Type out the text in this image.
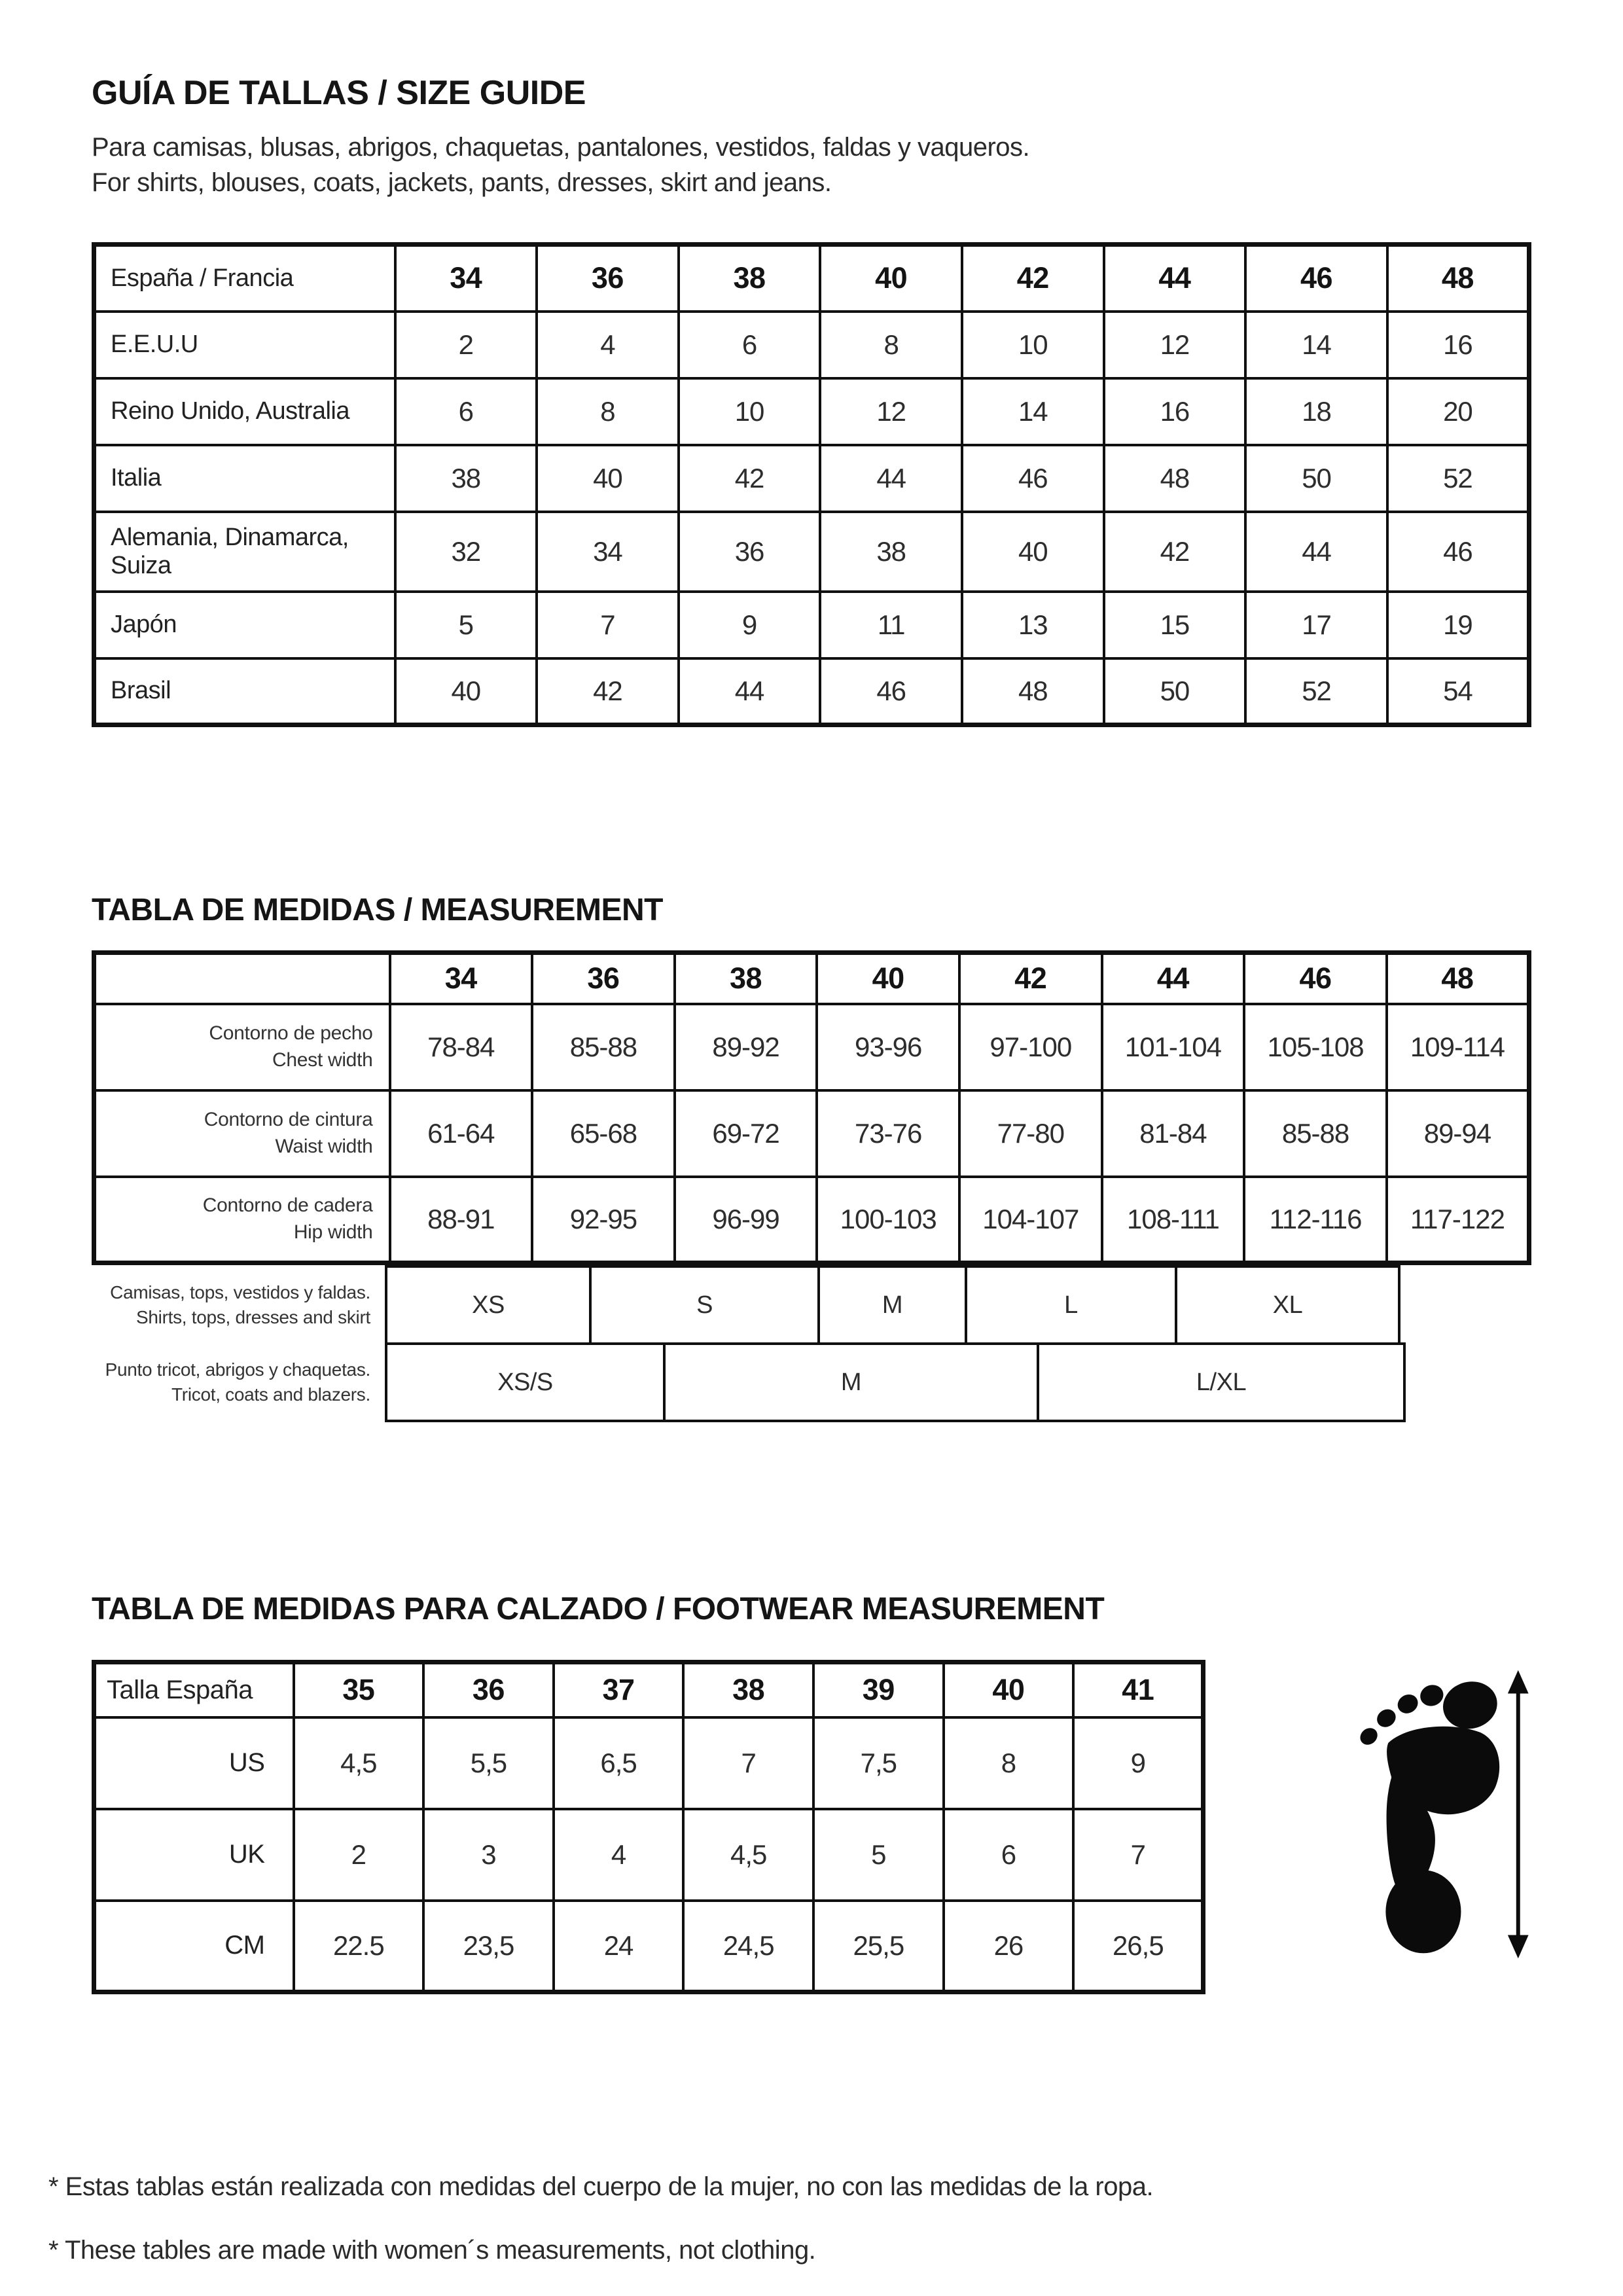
GUÍA DE TALLAS / SIZE GUIDE

Para camisas, blusas, abrigos, chaquetas, pantalones, vestidos, faldas y vaqueros.

For shirts, blouses, coats, jackets, pants, dresses, skirt and jeans.

España / Francia	34	36	38	40	42	44	46	48
E.E.U.U	2	4	6	8	10	12	14	16
Reino Unido, Australia	6	8	10	12	14	16	18	20
Italia	38	40	42	44	46	48	50	52
Alemania, Dinamarca, Suiza	32	34	36	38	40	42	44	46
Japón	5	7	9	11	13	15	17	19
Brasil	40	42	44	46	48	50	52	54
TABLA DE MEDIDAS / MEASUREMENT
	34	36	38	40	42	44	46	48

Contorno de pecho
Chest width	78-84	85-88	89-92	93-96	97-100	101-104	105-108	109-114

Contorno de cintura
Waist width	61-64	65-68	69-72	73-76	77-80	81-84	85-88	89-94

Contorno de cadera
Hip width	88-91	92-95	96-99	100-103	104-107	108-111	112-116	117-122
Camisas, tops, vestidos y faldas.
Shirts, tops, dresses and skirt	XS	S	M	L	XL
Punto tricot, abrigos y chaquetas.
Tricot, coats and blazers.	XS/S	M	L/XL
TABLA DE MEDIDAS PARA CALZADO / FOOTWEAR MEASUREMENT
Talla España	35	36	37	38	39	40	41
US	4,5	5,5	6,5	7	7,5	8	9
UK	2	3	4	4,5	5	6	7
CM	22.5	23,5	24	24,5	25,5	26	26,5

* Estas tablas están realizada con medidas del cuerpo de la mujer, no con las medidas de la ropa.

* These tables are made with women´s measurements, not clothing.
